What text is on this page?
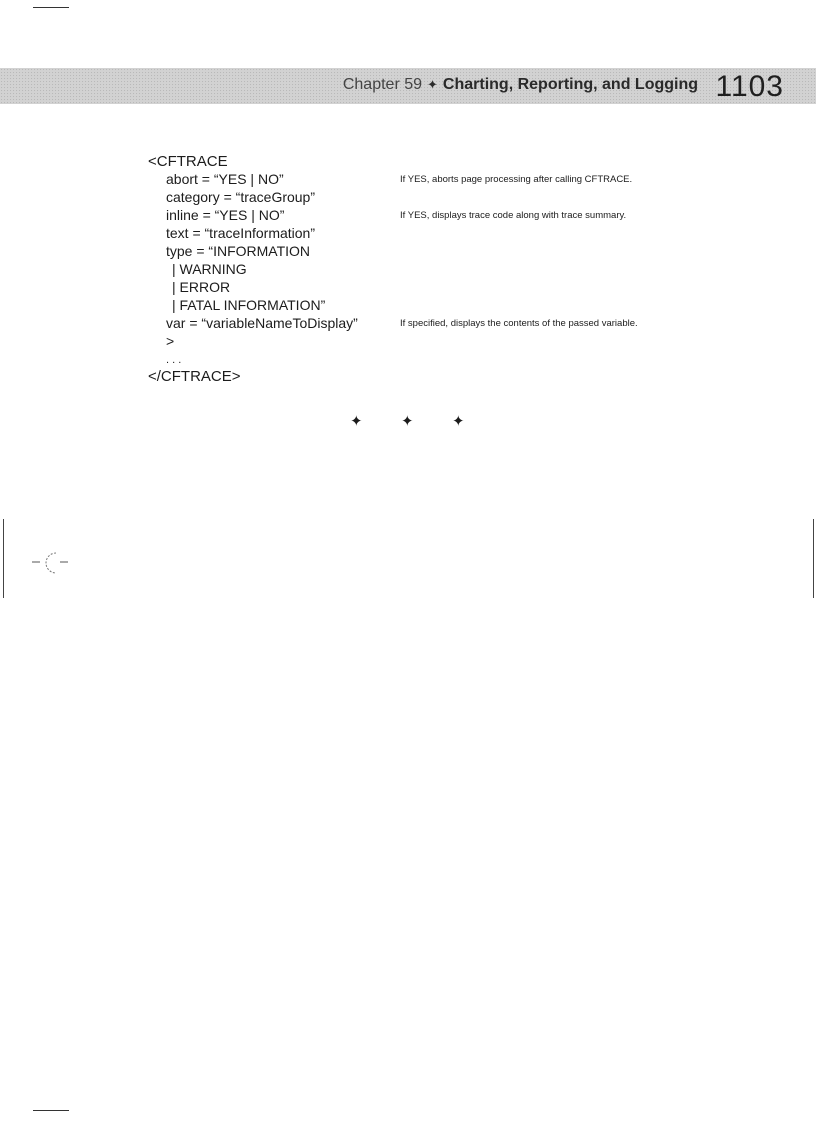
Chapter 59 ✦ Charting, Reporting, and Logging 1103
<CFTRACE
abort = “YES | NO”
category = “traceGroup”
inline = “YES | NO”
text = “traceInformation”
type = “INFORMATION
| WARNING
| ERROR
| FATAL INFORMATION”
var = “variableNameToDisplay”
>
. . .
</CFTRACE>
If YES, aborts page processing after calling CFTRACE.
If YES, displays trace code along with trace summary.
If specified, displays the contents of the passed variable.
✦	✦	✦
